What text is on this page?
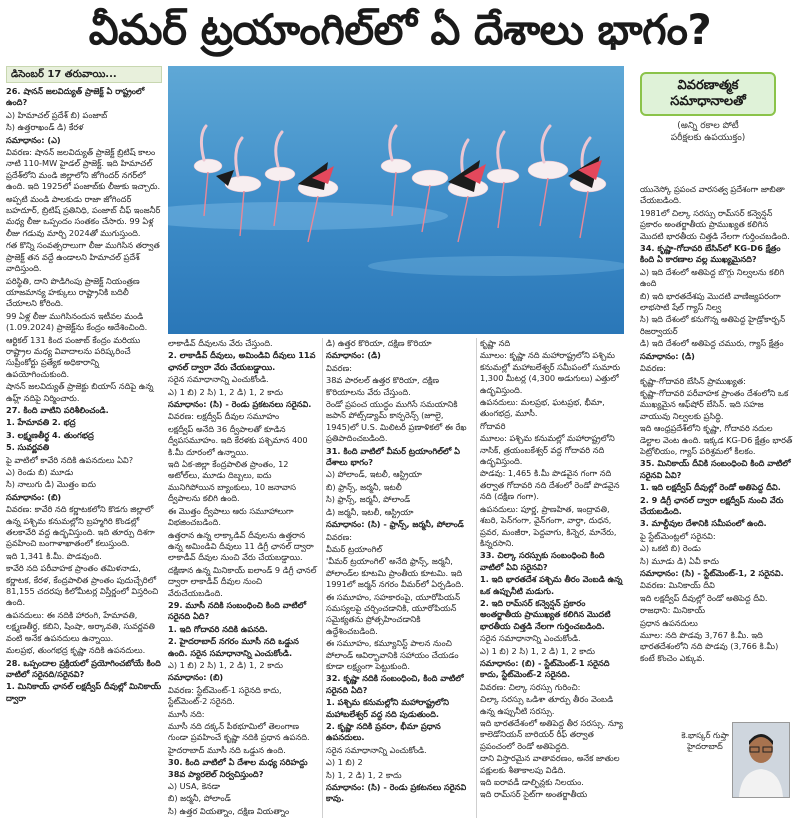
వీమర్ ట్రయాంగిల్‌లో ఏ దేశాలు భాగం?
డిసెంబర్ 17 తరువాయి...

26. షానన్ జలవిద్యుత్ ప్రాజెక్ట్ ఏ రాష్ట్రంలో ఉంది?

ఎ) హిమాచల్ ప్రదేశ్ బి) పంజాబ్

సి) ఉత్తరాఖండ్ డి) కేరళ

సమాధానం: (ఎ)

వివరణ: షానన్ జలవిద్యుత్ ప్రాజెక్ట్ బ్రిటిష్ కాలం నాటి 110-MW హైడల్ ప్రాజెక్ట్. ఇది హిమాచల్ ప్రదేశ్‌లోని మండి జిల్లాలోని జోగిందర్ నగర్‌లో ఉంది. ఇది 1925లో పంజాబ్‌కు లీజుకు ఇచ్చారు.

అప్పటి మండి పాలకుడు రాజా జోగిందర్ బహదూర్, బ్రిటిష్ ప్రతినిధి, పంజాబ్ చీఫ్ ఇంజనీర్ మధ్య లీజు ఒప్పందం సంతకం చేసారు. 99 ఏళ్ల లీజు గడువు మార్చి 2024తో ముగుస్తుంది.

గత కొన్ని సంవత్సరాలుగా లీజు ముగిసిన తర్వాత ప్రాజెక్ట్ తన వద్దే ఉండాలని హిమాచల్ ప్రదేశ్ వాదిస్తుంది.

పరిస్థితి, దాని పొడిగింపు ప్రాజెక్ట్ నియంత్రణ యాజమాన్య హక్కులు రాష్ట్రానికి బదిలీ చేయాలని కోరింది.

99 ఏళ్ల లీజు ముగిసినందున ఇటీవల మండి (1.09.2024) ప్రాజెక్ట్‌ను కేంద్రం ఆదేశించింది.

ఆర్టికల్ 131 కింద పంజాబ్ కేంద్రం మరియు రాష్ట్రాల మధ్య వివాదాలను పరిష్కరించే సుప్రీంకోర్టు ప్రత్యేక అధికారాన్ని ఉపయోగించుకుంది.

షానన్ జలవిద్యుత్ ప్రాజెక్టు బియాస్ నదిపై ఉన్న ఉహ్ల్ నదిపై నిర్మించారు.

27. కింది వాటిని పరిశీలించండి.

1. హేమావతి 2. భద్ర

3. లక్ష్మణతీర్థ 4. తుంగభద్ర

5. సువర్ణవతి

పై వాటిలో కావేరి నదికి ఉపనదులు ఏవి?

ఎ) రెండు బి) మూడు

సి) నాలుగు డి) మొత్తం ఐదు

సమాధానం: (బి)

వివరణ: కావేరి నది కర్ణాటకలోని కొడగు జిల్లాలో ఉన్న పశ్చిమ కనుమల్లోని బ్రహ్మగిరి కొండల్లో తలకావేరి వద్ద ఉద్భవిస్తుంది. ఇది తూర్పు దిశగా ప్రవహించి బంగాళాఖాతంలో కలుస్తుంది.

ఇది 1,341 కి.మీ. పొడవుంది.

కావేరి నది పరీవాహక ప్రాంతం తమిళనాడు, కర్ణాటక, కేరళ, కేంద్రపాలిత ప్రాంతం పుదుచ్చేరిలో 81,155 చదరపు కిలోమీటర్ల విస్తీర్ణంలో విస్తరించి ఉంది.

ఉపనదులు: ఈ నదికి హారంగి, హేమావతి, లక్ష్మణతీర్థ, కబిని, షింషా, అర్కావతి, సువర్ణవతి వంటి అనేక ఉపనదులు ఉన్నాయి.

మలప్రభ, తుంగభద్ర కృష్ణా నదికి ఉపనదులు.

28. ఒప్పందాల ప్రక్రియలో ప్రయోగించబోయే కింది వాటిలో సరైనది/సరైనవి?

1. మినికాయ్ ఛానల్ లక్షద్వీప్ దీవుల్లో మినికాయ్ ద్వారా

వివరణాత్మక
సమాధానాలతో
(అన్ని రకాల పోటీ
పరీక్షలకు ఉపయుక్తం)

లాకాడీవ్ దీవులను వేరు చేస్తుంది.

2. లాకాడీవ్ దీవులు, అమిండివి దీవులు 11వ ఛానల్ ద్వారా వేరు చేయబడ్డాయి.

సరైన సమాధానాన్ని ఎంచుకోండి.

ఎ) 1 బి) 2 సి) 1, 2 డి) 1, 2 కాదు

సమాధానం: (సి) - రెండు ప్రకటనలు సరైనవి.

వివరణ: లక్షద్వీప్ దీవుల సమూహం

లక్షద్వీప్ అనేది 36 ద్వీపాలతో కూడిన ద్వీపసమూహం. ఇది కేరళకు పశ్చిమాన 400 కి.మీ దూరంలో ఉన్నాయి.

ఇది ఏక-జిల్లా కేంద్రపాలిత ప్రాంతం, 12 అటోల్‌లు, మూడు దిబ్బలు, ఐదు మునిగిపోయిన బ్యాంకులు, 10 జనావాస ద్వీపాలను కలిగి ఉంది.

ఈ మొత్తం ద్వీపాలు ఆరు సమూహాలుగా విభజించబడింది.

ఉత్తరాన ఉన్న లాక్కాడివ్ దీవులను ఉత్తరాన ఉన్న అమిండివి దీవులు 11 డిగ్రీ ఛానల్ ద్వారా లాకాడీవ్ దీవుల నుంచి వేరు చేయబడ్డాయి.

దక్షిణాన ఉన్న మినికాయ్ ఐలాండ్ 9 డిగ్రీ ఛానల్ ద్వారా లాకాడీవ్ దీవుల నుంచి వేరుచేయబడింది.

29. మూసీ నదికి సంబంధించి కింది వాటిలో సరైనది ఏది?

1. ఇది గోదావరి నదికి ఉపనది.

2. హైదరాబాద్ నగరం మూసీ నది ఒడ్డున ఉంది. సరైన సమాధానాన్ని ఎంచుకోండి.

ఎ) 1 బి) 2 సి) 1, 2 డి) 1, 2 కాదు

సమాధానం: (బి)

వివరణ: స్టేట్‌మెంట్-1 సరైనది కాదు, స్టేట్‌మెంట్-2 సరైనది.

మూసీ నది:

మూసీ నది దక్కన్ పీఠభూమిలో తెలంగాణ గుండా ప్రవహించే కృష్ణా నదికి ప్రధాన ఉపనది.

హైదరాబాద్ మూసీ నది ఒడ్డున ఉంది.

30. కింది వాటిలో ఏ దేశాల మధ్య సరిహద్దు 38వ ప్యారలెల్ నిర్వచిస్తుంది?

ఎ) USA, కెనడా

బి) జర్మనీ, పోలాండ్

సి) ఉత్తర వియత్నాం, దక్షిణ వియత్నాం

డి) ఉత్తర కొరియా, దక్షిణ కొరియా

సమాధానం: (డి)

వివరణ:

38వ పారలల్ ఉత్తర కొరియా, దక్షిణ కొరియాలను వేరు చేస్తుంది.

రెండో ప్రపంచ యుద్ధం ముగిసే సమయానికి జపాన్ పోట్స్‌డ్యామ్ కాన్ఫరెన్స్ (జూలై, 1945)లో U.S. మిలిటరీ ప్రణాళికలో ఈ రేఖ ప్రతిపాదించబడింది.

31. కింది వాటిలో వీమర్ ట్రయాంగిల్‌లో ఏ దేశాలు భాగం?

ఎ) పోలాండ్, ఇటలీ, ఆస్ట్రియా

బి) ఫ్రాన్స్, జర్మనీ, ఇటలీ

సి) ఫ్రాన్స్, జర్మనీ, పోలాండ్

డి) జర్మనీ, ఇటలీ, ఆస్ట్రియా

సమాధానం: (సి) - ఫ్రాన్స్, జర్మనీ, పోలాండ్

వివరణ:

వీమర్ ట్రయాంగిల్

'వీమర్ ట్రయాంగిల్' అనేది ఫ్రాన్స్, జర్మనీ, పోలాండ్‌ల కూటమి ప్రాంతీయ కూటమి. ఇది 1991లో జర్మన్ నగరం వీమర్‌లో ఏర్పడింది.

ఈ సమూహం, సహకారంపై, యూరోపియన్ సమస్యలపై చర్చించడానికి, యూరోపియన్ సమైక్యతను ప్రోత్సహించడానికి ఉద్దేశించబడింది.

ఈ సమూహం, కమ్యూనిస్ట్ పాలన నుంచి పోలాండ్ ఆవిర్భావానికి సహాయం చేయడం కూడా లక్ష్యంగా పెట్టుకుంది.

32. కృష్ణా నదికి సంబంధించి, కింది వాటిలో సరైనది ఏది?

1. పశ్చిమ కనుమల్లోని మహారాష్ట్రలోని మహాబలేశ్వర్ వద్ద నది పుడుతుంది.

2. కృష్ణా నదికి ప్రవరా, భీమా ప్రధాన ఉపనదులు.

సరైన సమాధానాన్ని ఎంచుకోండి.

ఎ) 1 బి) 2

సి) 1, 2 డి) 1, 2 కాదు

సమాధానం: (సి) - రెండు ప్రకటనలు సరైనవి కావు.

కృష్ణా నది

మూలం: కృష్ణా నది మహారాష్ట్రలోని పశ్చిమ కనుమల్లో మహాబలేశ్వర్ సమీపంలో సుమారు 1,300 మీటర్ల (4,300 అడుగులు) ఎత్తులో ఉద్భవిస్తుంది.

ఉపనదులు: మలప్రభ, ఘటప్రభ, భీమా, తుంగభద్ర, మూసీ.

గోదావరి

మూలం: పశ్చిమ కనుమల్లో మహారాష్ట్రలోని నాసిక్, త్రయంబకేశ్వర్ వద్ద గోదావరి నది ఉద్భవిస్తుంది.

పొడవు: 1,465 కి.మీ పొడవైన గంగా నది తర్వాత గోదావరి నది దేశంలో రెండో పొడవైన నది (దక్షిణ గంగా).

ఉపనదులు: పూర్ణ, ప్రాణహిత, ఇంద్రావతి, శబరి, పెన్‌గంగా, వైన్‌గంగా, వార్ధా, దుధన, ప్రవర, మంజీరా, పెద్దవాగు, కిన్నెర, మానేరు, కిన్నరసాని.

33. చిల్కా సరస్సుకు సంబంధించి కింది వాటిలో ఏవి సరైనవి?

1. ఇది భారతదేశ పశ్చిమ తీరం వెంబడి ఉన్న ఒక ఉప్పునీటి మడుగు.

2. ఇది రామ్‌సర్ కన్వెన్షన్ ప్రకారం అంతర్జాతీయ ప్రాముఖ్యత కలిగిన మొదటి భారతీయ చిత్తడి నేలగా గుర్తించబడింది.

సరైన సమాధానాన్ని ఎంచుకోండి.

ఎ) 1 బి) 2 సి) 1, 2 డి) 1, 2 కాదు

సమాధానం: (బి) - స్టేట్‌మెంట్-1 సరైనది కాదు, స్టేట్‌మెంట్-2 సరైనది.

వివరణ: చిల్కా సరస్సు గురించి:

చిల్కా సరస్సు ఒడిశా తూర్పు తీరం వెంబడి ఉన్న ఉప్పునీటి సరస్సు.

ఇది భారతదేశంలో అతిపెద్ద తీర సరస్సు. న్యూ కాలెడోనియన్ బారియర్ రీఫ్ తర్వాత ప్రపంచంలో రెండో అతిపెద్దది.

దాని విస్తారమైన వాతావరణం, అనేక జాతుల పక్షులకు శీతాకాలపు విడిది.

ఇది ఐరావడీ డాల్ఫిన్లకు నిలయం.

ఇది రామ్‌సర్ సైట్‌గా అంతర్జాతీయ

యునెస్కో ప్రపంచ వారసత్వ ప్రదేశంగా జాబితా చేయబడింది.

1981లో చిల్కా సరస్సు రామ్‌సర్ కన్వెన్షన్ ప్రకారం అంతర్జాతీయ ప్రాముఖ్యత కలిగిన మొదటి భారతీయ చిత్తడి నేలగా గుర్తించబడింది.

34. కృష్ణా-గోదావరి బేసిన్‌లో KG-D6 క్షేత్రం కింది ఏ కారణాల వల్ల ముఖ్యమైనది?

ఎ) ఇది దేశంలో అతిపెద్ద బొగ్గు నిల్వలను కలిగి ఉంది

బి) ఇది భారతదేశపు మొదటి వాణిజ్యపరంగా లాభసాటి షేల్ గ్యాస్ నిల్వ

సి) ఇది దేశంలో కనుగొన్న అతిపెద్ద హైడ్రోకార్బన్ రిజర్వాయర్

డి) ఇది దేశంలో అతిపెద్ద చమురు, గ్యాస్ క్షేత్రం

సమాధానం: (డి)

వివరణ:

కృష్ణా-గోదావరి బేసిన్ ప్రాముఖ్యత:

కృష్ణా-గోదావరి పరీవాహక ప్రాంతం దేశంలోని ఒక ముఖ్యమైన ఆఫ్‌షోర్ బేసిన్. ఇది సహజ వాయువు నిల్వలకు ప్రసిద్ధి.

ఇది ఆంధ్రప్రదేశ్‌లోని కృష్ణా, గోదావరి నదుల డెల్టాల వెంట ఉంది. ఇక్కడ KG-D6 క్షేత్రం భారత్ పెట్రోలియం, గ్యాస్ పరిశ్రమలో కీలకం.

35. మినికాయ్ దీవికి సంబంధించి కింది వాటిలో సరైనవి ఏవి?

1. ఇది లక్షద్వీప్ దీవుల్లో రెండో అతిపెద్ద దీవి.

2. 9 డిగ్రీ ఛానల్ ద్వారా లక్షద్వీప్ నుంచి వేరు చేయబడింది.

3. మాల్దీవుల దేశానికి సమీపంలో ఉంది.

పై స్టేట్‌మెంట్లలో సరైనవి:

ఎ) ఒకటి బి) రెండు

సి) మూడు డి) ఏవీ కాదు

సమాధానం: (సి) - స్టేట్‌మెంట్-1, 2 సరైనవి.

వివరణ: మినికాయ్ దీవి

ఇది లక్షద్వీప్ దీవుల్లో రెండో అతిపెద్ద దీవి.

రాజధాని: మినికాయ్

ప్రధాన ఉపనదులు

మూల: నది పొడవు 3,767 కి.మీ. ఇది భారతదేశంలోని నది పొడవు (3,766 కి.మీ) కంటే కొంచెం ఎక్కువ.

కె.భాస్కర్ గుప్తా
హైదరాబాద్
